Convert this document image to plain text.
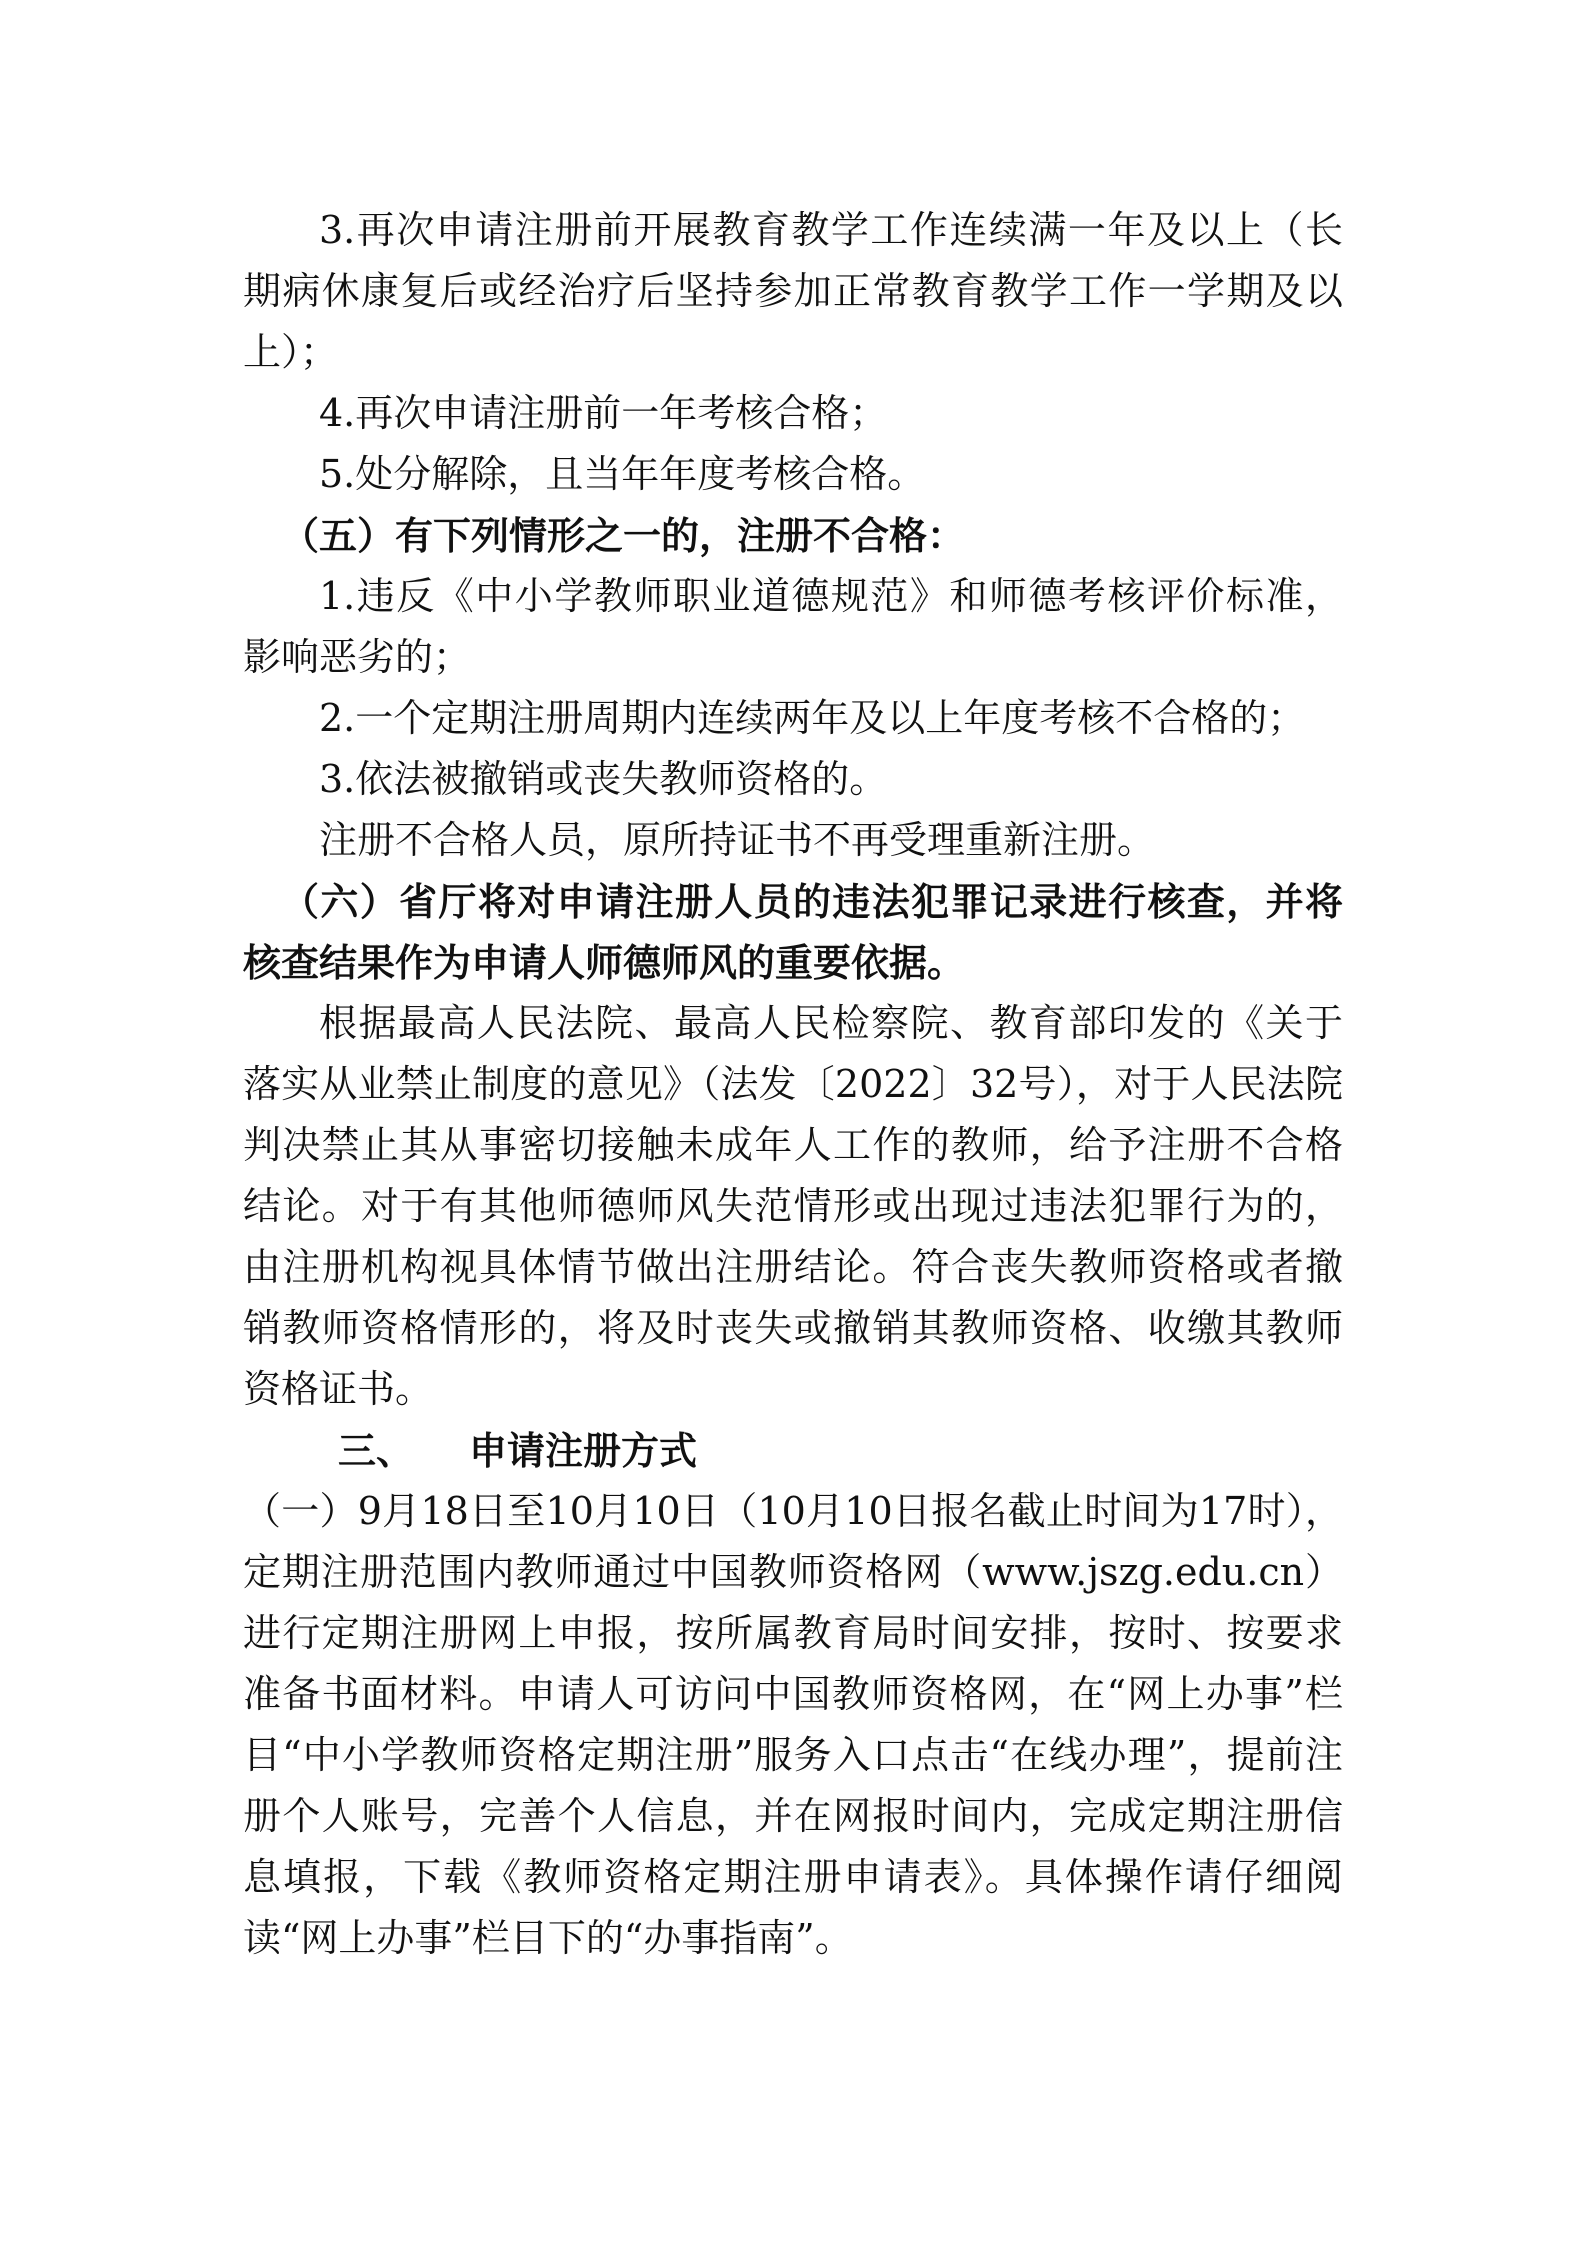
3.再次申请注册前开展教育教学工作连续满一年及以上（长期病休康复后或经治疗后坚持参加正常教育教学工作一学期及以上）；

4.再次申请注册前一年考核合格；

5.处分解除，且当年年度考核合格。

（五）有下列情形之一的，注册不合格：

1.违反《中小学教师职业道德规范》和师德考核评价标准，影响恶劣的；

2.一个定期注册周期内连续两年及以上年度考核不合格的；

3.依法被撤销或丧失教师资格的。

注册不合格人员，原所持证书不再受理重新注册。

（六）省厅将对申请注册人员的违法犯罪记录进行核查，并将核查结果作为申请人师德师风的重要依据。

根据最高人民法院、最高人民检察院、教育部印发的《关于落实从业禁止制度的意见》（法发〔2022〕32号），对于人民法院判决禁止其从事密切接触未成年人工作的教师，给予注册不合格结论。对于有其他师德师风失范情形或出现过违法犯罪行为的，由注册机构视具体情节做出注册结论。符合丧失教师资格或者撤销教师资格情形的，将及时丧失或撤销其教师资格、收缴其教师资格证书。

三、 申请注册方式

（一）9月18日至10月10日（10月10日报名截止时间为17时），定期注册范围内教师通过中国教师资格网（www.jszg.edu.cn）进行定期注册网上申报，按所属教育局时间安排，按时、按要求准备书面材料。申请人可访问中国教师资格网，在“网上办事”栏目“中小学教师资格定期注册”服务入口点击“在线办理”，提前注册个人账号，完善个人信息，并在网报时间内，完成定期注册信息填报，下载《教师资格定期注册申请表》。具体操作请仔细阅读“网上办事”栏目下的“办事指南”。
